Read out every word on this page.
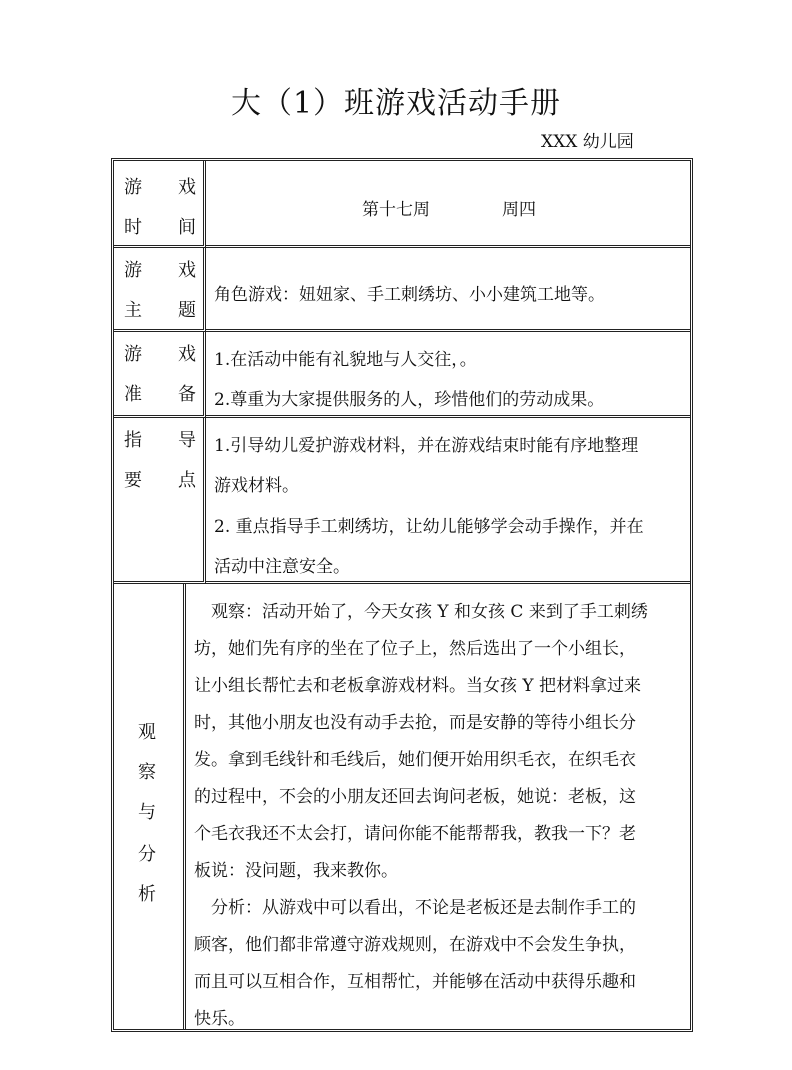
大（1）班游戏活动手册
XXX 幼儿园
游 戏
时 间
第十七周	周四
游 戏
主 题
角色游戏：妞妞家、手工刺绣坊、小小建筑工地等。
游 戏
准 备
1.在活动中能有礼貌地与人交往，。
2.尊重为大家提供服务的人，珍惜他们的劳动成果。
指 导
要 点
1.引导幼儿爱护游戏材料，并在游戏结束时能有序地整理
游戏材料。
2. 重点指导手工刺绣坊，让幼儿能够学会动手操作，并在
活动中注意安全。
观
察
与
分
析
　观察：活动开始了，今天女孩 Y 和女孩 C 来到了手工刺绣
坊，她们先有序的坐在了位子上，然后选出了一个小组长，
让小组长帮忙去和老板拿游戏材料。当女孩 Y 把材料拿过来
时，其他小朋友也没有动手去抢，而是安静的等待小组长分
发。拿到毛线针和毛线后，她们便开始用织毛衣，在织毛衣
的过程中，不会的小朋友还回去询问老板，她说：老板，这
个毛衣我还不太会打，请问你能不能帮帮我，教我一下？老
板说：没问题，我来教你。
　分析：从游戏中可以看出，不论是老板还是去制作手工的
顾客，他们都非常遵守游戏规则，在游戏中不会发生争执，
而且可以互相合作，互相帮忙，并能够在活动中获得乐趣和
快乐。
